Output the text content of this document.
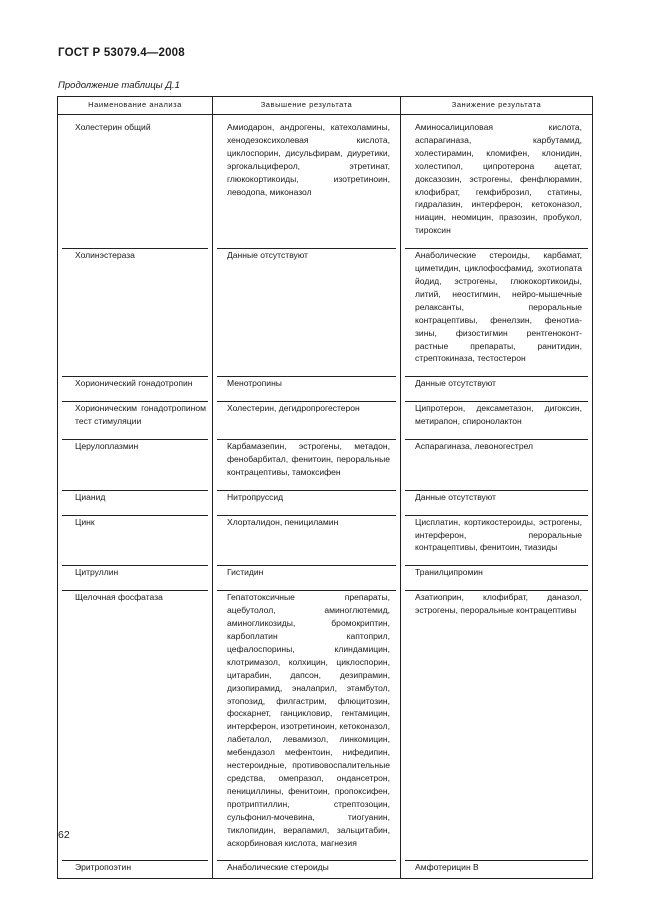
ГОСТ Р 53079.4—2008
Продолжение таблицы Д.1
Наименование анализа	Завышение результата	Занижение результата

Холестерин общий	Амиодарон, андрогены, катехоламины, хенодезоксихолевая кислота, циклоспорин, дисульфирам, диуретики, эргокальциферол, этретинат, глюкокортикоиды, изотретиноин, леводопа, миконазол	Аминосалициловая кислота, аспарагиназа, карбутамид, холестирамин, кломифен, клонидин, холестипол, ципротерона ацетат, доксазозин, эстрогены, фенфлюрамин, клофибрат, гемфиброзил, статины, гидралазин, интерферон, кетоконазол, ниацин, неомицин, празозин, пробукол, тироксин

Холинэстераза	Данные отсутствуют	Анаболические стероиды, карбамат, циметидин, циклофосфамид, эхотиопата йодид, эстрогены, глюкокортикоиды, литий, неостигмин, нейро-мышечные релаксанты, пероральные контрацептивы, фенелзин, фенотиа-зины, физостигмин рентгеноконт-растные препараты, ранитидин, стрептокиназа, тестостерон

Хорионический гонадотропин	Менотропины	Данные отсутствуют

Хорионическим гонадотропином тест стимуляции	Холестерин, дегидропрогестерон	Ципротерон, дексаметазон, дигоксин, метирапон, спиронолактон

Церулоплазмин	Карбамазепин, эстрогены, метадон, фенобарбитал, фенитоин, пероральные контрацептивы, тамоксифен	Аспарагиназа, левоногестрел

Цианид	Нитропруссид	Данные отсутствуют

Цинк	Хлорталидон, пенициламин	Цисплатин, кортикостероиды, эстрогены, интерферон, пероральные контрацептивы, фенитоин, тиазиды

Цитруллин	Гистидин	Транилципромин

Щелочная фосфатаза	Гепатотоксичные препараты, ацебутолол, аминоглютемид, аминогликозиды, бромокриптин, карбоплатин каптоприл, цефалоспорины, клиндамицин, клотримазол, колхицин, циклоспорин, цитарабин, дапсон, дезипрамин, дизопирамид, эналаприл, этамбутол, этопозид, филгастрим, флюцитозин, фоскарнет, ганцикловир, гентамицин, интерферон, изотретиноин, кетоконазол, лабеталол, левамизол, линкомицин, мебендазол мефентоин, нифедипин, нестероидные, противовоспалительные средства, омепразол, ондансетрон, пенициллины, фенитоин, пропоксифен, протриптиллин, стрептозоцин, сульфонил-мочевина, тиогуанин, тиклопидин, верапамил, зальцитабин, аскорбиновая кислота, магнезия	Азатиоприн, клофибрат, даназол, эстрогены, пероральные контрацептивы

Эритропоэтин	Анаболические стероиды	Амфотерицин В
62
